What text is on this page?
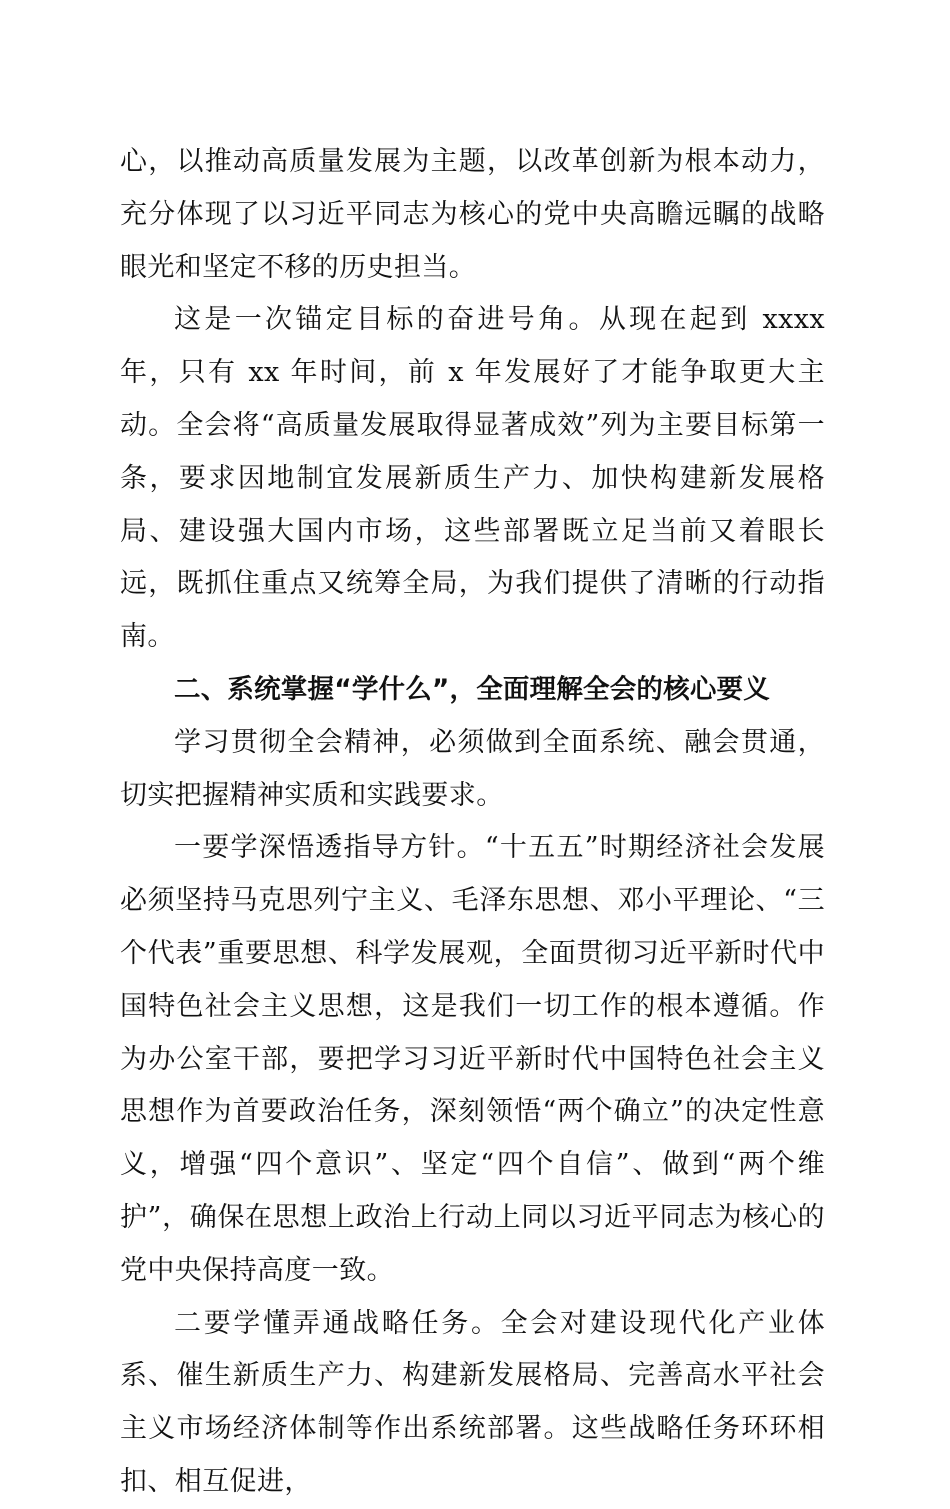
心，以推动高质量发展为主题，以改革创新为根本动力，充分体现了以习近平同志为核心的党中央高瞻远瞩的战略眼光和坚定不移的历史担当。

这是一次锚定目标的奋进号角。从现在起到 xxxx 年，只有 xx 年时间，前 x 年发展好了才能争取更大主动。全会将“高质量发展取得显著成效”列为主要目标第一条，要求因地制宜发展新质生产力、加快构建新发展格局、建设强大国内市场，这些部署既立足当前又着眼长远，既抓住重点又统筹全局，为我们提供了清晰的行动指南。

二、系统掌握“学什么”，全面理解全会的核心要义

学习贯彻全会精神，必须做到全面系统、融会贯通，切实把握精神实质和实践要求。

一要学深悟透指导方针。“十五五”时期经济社会发展必须坚持马克思列宁主义、毛泽东思想、邓小平理论、“三个代表”重要思想、科学发展观，全面贯彻习近平新时代中国特色社会主义思想，这是我们一切工作的根本遵循。作为办公室干部，要把学习习近平新时代中国特色社会主义思想作为首要政治任务，深刻领悟“两个确立”的决定性意义，增强“四个意识”、坚定“四个自信”、做到“两个维护”，确保在思想上政治上行动上同以习近平同志为核心的党中央保持高度一致。

二要学懂弄通战略任务。全会对建设现代化产业体系、催生新质生产力、构建新发展格局、完善高水平社会主义市场经济体制等作出系统部署。这些战略任务环环相扣、相互促进，
